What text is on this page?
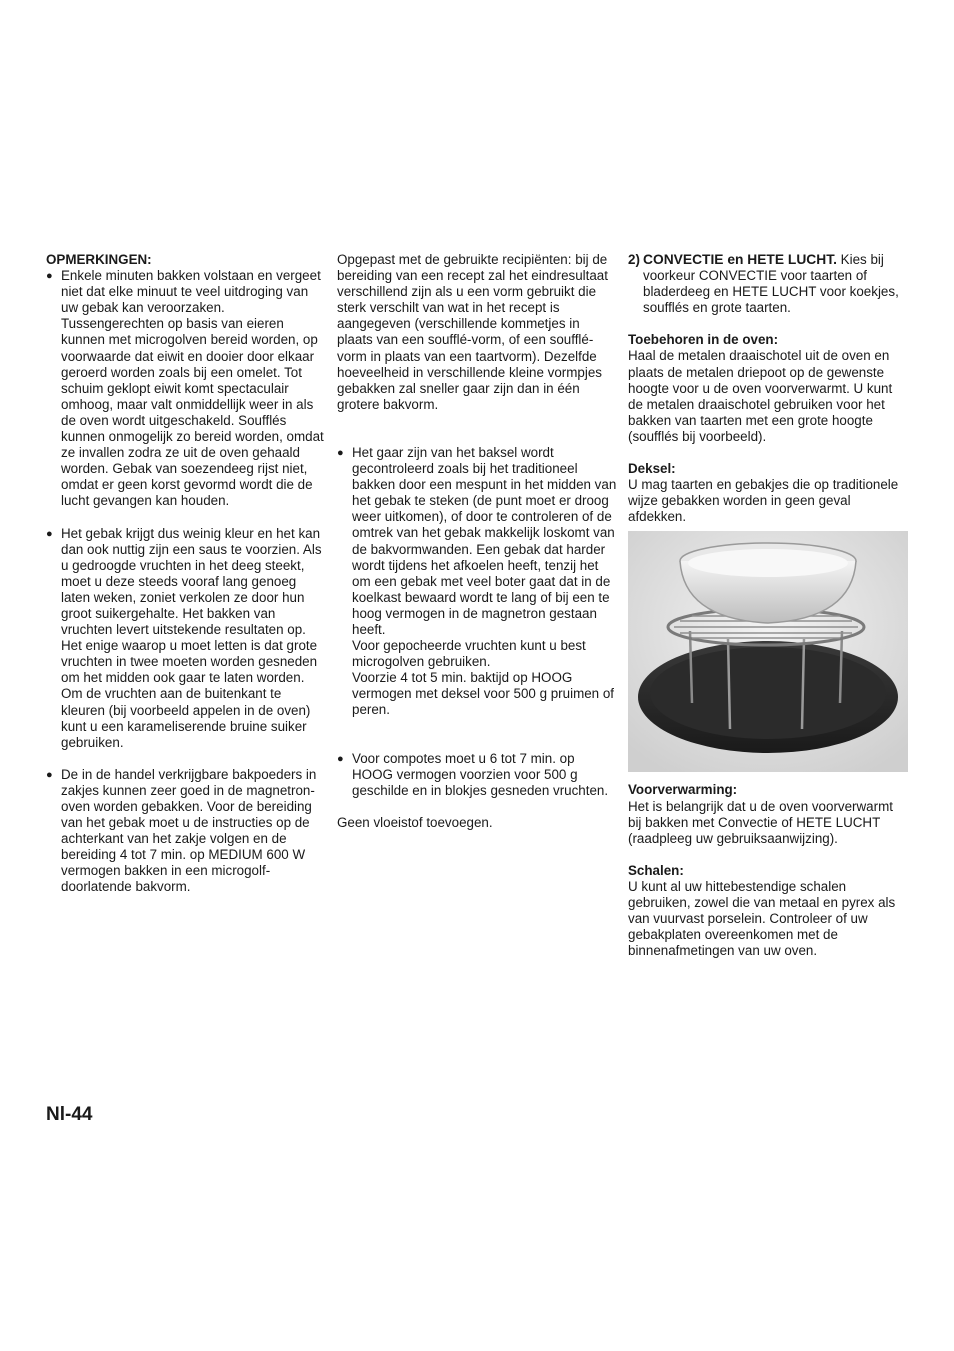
OPMERKINGEN:
● Enkele minuten bakken volstaan en vergeet niet dat elke minuut te veel uitdroging van uw gebak kan veroorzaken. Tussengerechten op basis van eieren kunnen met microgolven bereid worden, op voorwaarde dat eiwit en dooier door elkaar geroerd worden zoals bij een omelet. Tot schuim geklopt eiwit komt spectaculair omhoog, maar valt onmiddellijk weer in als de oven wordt uitgeschakeld. Soufflés kunnen onmogelijk zo bereid worden, omdat ze invallen zodra ze uit de oven gehaald worden. Gebak van soezendeeg rijst niet, omdat er geen korst gevormd wordt die de lucht gevangen kan houden.

● Het gebak krijgt dus weinig kleur en het kan dan ook nuttig zijn een saus te voorzien. Als u gedroogde vruchten in het deeg steekt, moet u deze steeds vooraf lang genoeg laten weken, zoniet verkolen ze door hun groot suikergehalte. Het bakken van vruchten levert uitstekende resultaten op. Het enige waarop u moet letten is dat grote vruchten in twee moeten worden gesneden om het midden ook gaar te laten worden. Om de vruchten aan de buitenkant te kleuren (bij voorbeeld appelen in de oven) kunt u een karameliserende bruine suiker gebruiken.

● De in de handel verkrijgbare bakpoeders in zakjes kunnen zeer goed in de magnetron-oven worden gebakken. Voor de bereiding van het gebak moet u de instructies op de achterkant van het zakje volgen en de bereiding 4 tot 7 min. op MEDIUM 600 W vermogen bakken in een microgolf-doorlatende bakvorm.

Opgepast met de gebruikte recipiënten: bij de bereiding van een recept zal het eindresultaat verschillend zijn als u een vorm gebruikt die sterk verschilt van wat in het recept is aangegeven (verschillende kommetjes in plaats van een soufflé-vorm, of een soufflé-vorm in plaats van een taartvorm). Dezelfde hoeveelheid in verschillende kleine vormpjes gebakken zal sneller gaar zijn dan in één grotere bakvorm.

● Het gaar zijn van het baksel wordt gecontroleerd zoals bij het traditioneel bakken door een mespunt in het midden van het gebak te steken (de punt moet er droog weer uitkomen), of door te controleren of de omtrek van het gebak makkelijk loskomt van de bakvormwanden. Een gebak dat harder wordt tijdens het afkoelen heeft, tenzij het om een gebak met veel boter gaat dat in de koelkast bewaard wordt te lang of bij een te hoog vermogen in de magnetron gestaan heeft.

Voor gepocheerde vruchten kunt u best microgolven gebruiken.

Voorzie 4 tot 5 min. baktijd op HOOG vermogen met deksel voor 500 g pruimen of peren.

● Voor compotes moet u 6 tot 7 min. op HOOG vermogen voorzien voor 500 g geschilde en in blokjes gesneden vruchten.

Geen vloeistof toevoegen.

2) CONVECTIE en HETE LUCHT. Kies bij voorkeur CONVECTIE voor taarten of bladerdeeg en HETE LUCHT voor koekjes, soufflés en grote taarten.

Toebehoren in de oven:

Haal de metalen draaischotel uit de oven en plaats de metalen driepoot op de gewenste hoogte voor u de oven voorverwarmt. U kunt de metalen draaischotel gebruiken voor het bakken van taarten met een grote hoogte (soufflés bij voorbeeld).

Deksel:

U mag taarten en gebakjes die op traditionele wijze gebakken worden in geen geval afdekken.

Voorverwarming:

Het is belangrijk dat u de oven voorverwarmt bij bakken met Convectie of HETE LUCHT (raadpleeg uw gebruiksaanwijzing).

Schalen:

U kunt al uw hittebestendige schalen gebruiken, zowel die van metaal en pyrex als van vuurvast porselein. Controleer of uw gebakplaten overeenkomen met de binnenafmetingen van uw oven.

Nl-44
